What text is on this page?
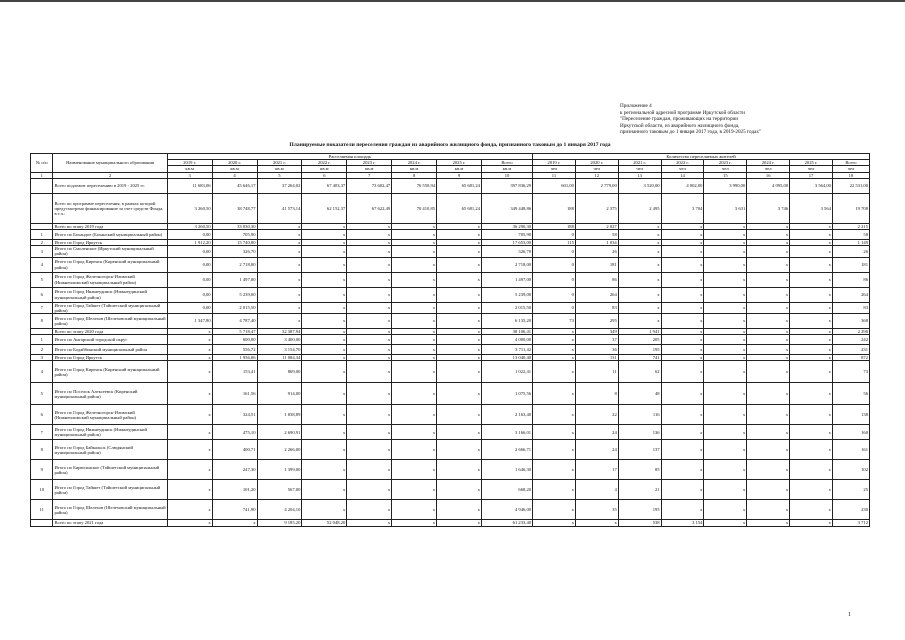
Приложение 4
к региональной адресной программе Иркутской области
"Переселение граждан, проживающих на территории
Иркутской области, из аварийного жилищного фонда,
признанного таковым до 1 января 2017 года, в 2019-2025 годах"
Планируемые показатели переселения граждан из аварийного жилищного фонда, признанного таковым до 1 января 2017 года
№ п/п	Наименование муниципального образования	Расселяемая площадь								Количество переселяемых жителей							
		2019 г.	2020 г.	2021 г.	2022 г.	2023 г.	2024 г.	2025 г.	Всего	2019 г.	2020 г.	2021 г.	2022 г.	2023 г.	2024 г.	2025 г.	Всего
		кв.м	кв.м	кв.м	кв.м	кв.м	кв.м	кв.м	кв.м	чел	чел	чел	чел	чел	чел	чел	чел
1	2	3	4	5	6	7	8	9	10	11	12	13	14	15	16	17	18
	Всего подлежит переселению в 2019 - 2025 гг.	11 683,06	45 646,17	37 264,02	67 403,37	73 602,47	76 550,94	65 681,24	397 836,29	601,00	2 779,00	3 520,00	4 002,00	3 990,00	4 095,00	3 564,00	22 531,00
	Всего по программе переселения, в рамках которой предусмотрено финансирование за счет средств Фонда, в т.ч.:	3 260,50	38 748,77	41 573,14	62 152,37	67 622,49	70 410,85	65 681,24	349 448,86	188	2 375	2 495	3 704	3 631	3 746	3 564	19 708
	Всего по этапу 2019 года	3 260,50	33 030,30	x	x	x	x	x	36 290,30	188	2 027	x	x	x	x	x	2 215
1	Итого по Бохандое (Боханский муниципальный район)	0,00	705,90	x	x	x	x	x	705,90	0	58	x	x	x	x	x	58
2	Итого по Город Иркутск	1 912,20	15 740,80	x	x	x	x	x	17 653,00	115	1 034	x	x	x	x	x	1 149
3	Итого по Смоленское (Иркутский муниципальный район)	0,00	326,70	x	x	x	x	x	326,70	0	26	x	x	x	x	x	26
4	Итого по Город Киренск (Киренский муниципальный район)	0,00	2 718,00	x	x	x	x	x	2 718,00	0	181	x	x	x	x	x	181
5	Итого по Город Железногорск-Илимский (Нижнеилимский муниципальный район)	0,00	1 497,00	x	x	x	x	x	1 497,00	0	86	x	x	x	x	x	86
6	Итого по Город Нижнеудинск (Нижнеудинский муниципальный район)	0,00	5 239,00	x	x	x	x	x	5 239,00	0	264	x	x	x	x	x	264
7	Итого по Город Тайшет (Тайшетский муниципальный район)	0,00	2 015,50	x	x	x	x	x	2 015,50	0	83	x	x	x	x	x	83
8	Итого по Город Шелехов (Шелеховский муниципальный район)	1 347,80	4 787,40	x	x	x	x	x	6 135,20	73	295	x	x	x	x	x	368
	Всего по этапу 2020 года	x	5 718,47	32 387,94	x	x	x	x	38 106,41	x	349	1 941	x	x	x	x	2 290
1	Итого по Ангарский городской округ	x	600,00	3 400,00	x	x	x	x	4 000,00	x	37	205	x	x	x	x	242
2	Итого по Бодайбинский муниципальный район	x	556,72	3 154,70	x	x	x	x	3 711,42	x	36	195	x	x	x	x	231
3	Итого по Город Иркутск	x	1 956,06	11 084,34	x	x	x	x	13 040,40	x	131	741	x	x	x	x	872
4	Итого по Город Киренск (Киренский муниципальный район)	x	153,41	869,00	x	x	x	x	1 022,41	x	11	62	x	x	x	x	73
5	Итого по Поселок Алексеевск (Киренский муниципальный район)	x	161,56	914,00	x	x	x	x	1 075,56	x	8	48	x	x	x	x	56
6	Итого по Город Железногорск-Илимский (Нижнеилимский муниципальный район)	x	324,51	1 838,89	x	x	x	x	2 163,40	x	22	116	x	x	x	x	138
7	Итого по Город Нижнеудинск (Нижнеудинский муниципальный район)	x	475,10	2 690,91	x	x	x	x	3 166,01	x	24	136	x	x	x	x	160
8	Итого по Город Байкальск (Слюдянский муниципальный район)	x	400,71	2 266,00	x	x	x	x	2 666,71	x	24	137	x	x	x	x	161
9	Итого по Бирюсинское (Тайшетский муниципальный район)	x	247,30	1 399,00	x	x	x	x	1 646,30	x	17	85	x	x	x	x	102
10	Итого по Город Тайшет (Тайшетский муниципальный район)	x	101,20	567,00	x	x	x	x	668,20	x	4	21	x	x	x	x	25
11	Итого по Город Шелехов (Шелеховский муниципальный район)	x	741,90	4 204,10	x	x	x	x	4 946,00	x	35	195	x	x	x	x	230
	Всего по этапу 2021 года	x	x	9 185,20	52 048,20	x	x	x	61 233,40	x	x	538	3 154	x	x	x	3 712
1
